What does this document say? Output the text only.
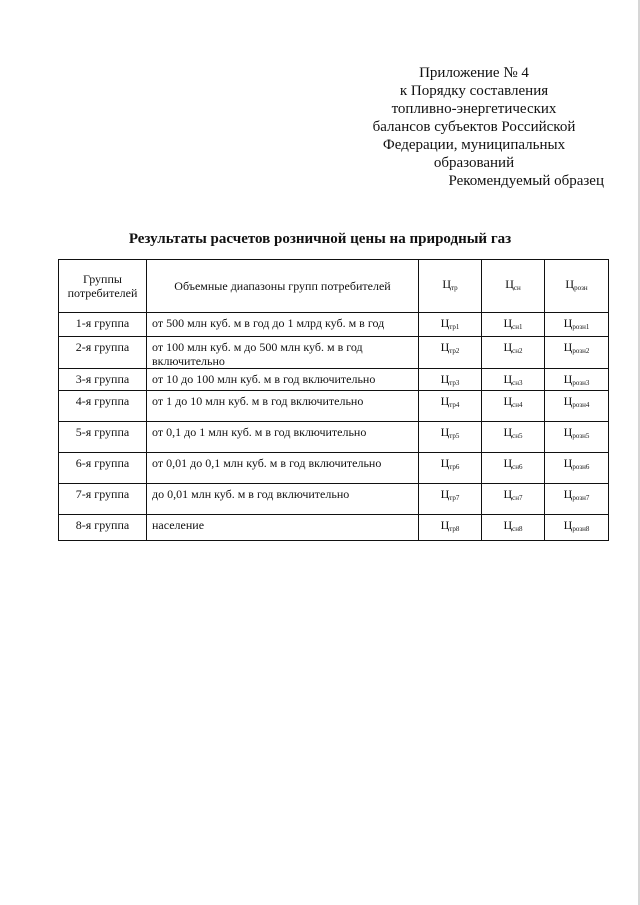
Приложение № 4
к Порядку составления
топливно-энергетических
балансов субъектов Российской
Федерации, муниципальных
образований
Рекомендуемый образец
Результаты расчетов розничной цены на природный газ
Группы потребителей	Объемные диапазоны групп потребителей	$Ц_{тр}$	$Ц_{сн}$	$Ц_{розн}$
1-я группа	от 500 млн куб. м в год до 1 млрд куб. м в год	$Ц_{тр1}$	$Ц_{сн1}$	$Ц_{розн1}$
2-я группа	от 100 млн куб. м до 500 млн куб. м в год включительно	$Ц_{тр2}$	$Ц_{сн2}$	$Ц_{розн2}$
3-я группа	от 10 до 100 млн куб. м в год включительно	$Ц_{тр3}$	$Ц_{сн3}$	$Ц_{розн3}$
4-я группа	от 1 до 10 млн куб. м в год включительно	$Ц_{тр4}$	$Ц_{сн4}$	$Ц_{розн4}$
5-я группа	от 0,1 до 1 млн куб. м в год включительно	$Ц_{тр5}$	$Ц_{сн5}$	$Ц_{розн5}$
6-я группа	от 0,01 до 0,1 млн куб. м в год включительно	$Ц_{тр6}$	$Ц_{сн6}$	$Ц_{розн6}$
7-я группа	до 0,01 млн куб. м в год включительно	$Ц_{тр7}$	$Ц_{сн7}$	$Ц_{розн7}$
8-я группа	население	$Ц_{тр8}$	$Ц_{сн8}$	$Ц_{розн8}$
